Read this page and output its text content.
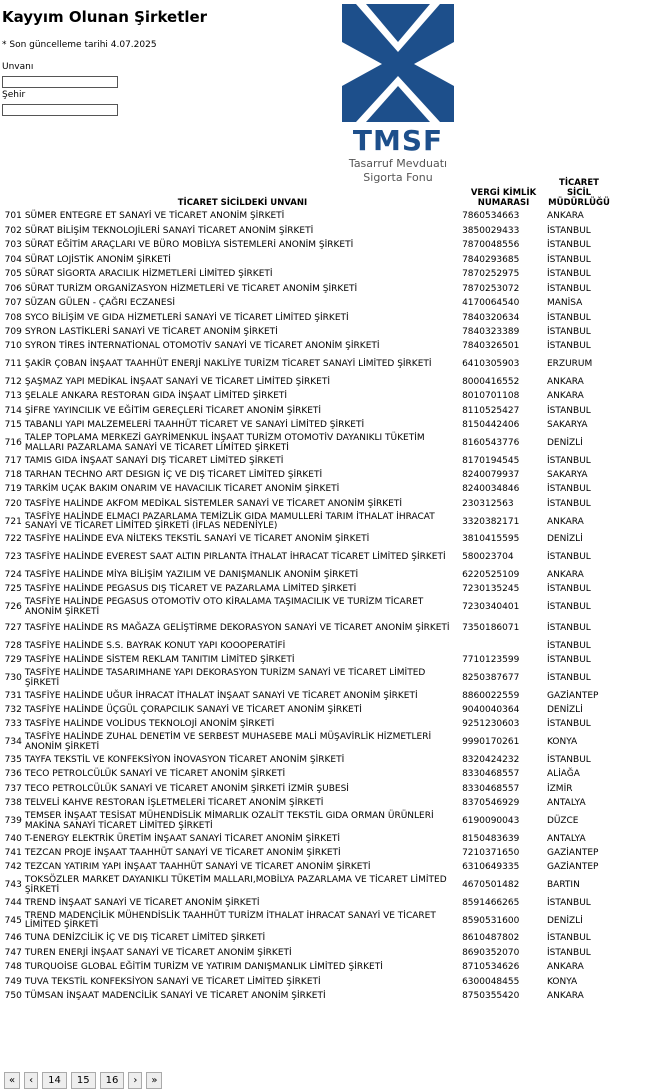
Kayyım Olunan Şirketler
* Son güncelleme tarihi 4.07.2025
Unvanı
Şehir
TMSF
Tasarruf Mevduatı
Sigorta Fonu
	TİCARET SİCİLDEKİ UNVANI	VERGİ KİMLİK NUMARASI	TİCARET SİCİL MÜDÜRLÜĞÜ
701	SÜMER ENTEGRE ET SANAYİ VE TİCARET ANONİM ŞİRKETİ	7860534663	ANKARA
702	SÜRAT BİLİŞİM TEKNOLOJİLERİ SANAYİ TİCARET ANONİM ŞİRKETİ	3850029433	İSTANBUL
703	SÜRAT EĞİTİM ARAÇLARI VE BÜRO MOBİLYA SİSTEMLERİ ANONİM ŞİRKETİ	7870048556	İSTANBUL
704	SÜRAT LOJİSTİK ANONİM ŞİRKETİ	7840293685	İSTANBUL
705	SÜRAT SİGORTA ARACILIK HİZMETLERİ LİMİTED ŞİRKETİ	7870252975	İSTANBUL
706	SÜRAT TURİZM ORGANİZASYON HİZMETLERİ VE TİCARET ANONİM ŞİRKETİ	7870253072	İSTANBUL
707	SÜZAN GÜLEN - ÇAĞRI ECZANESİ	4170064540	MANİSA
708	SYCO BİLİŞİM VE GIDA HİZMETLERİ SANAYİ VE TİCARET LİMİTED ŞİRKETİ	7840320634	İSTANBUL
709	SYRON LASTİKLERİ SANAYİ VE TİCARET ANONİM ŞİRKETİ	7840323389	İSTANBUL
710	SYRON TİRES İNTERNATİONAL OTOMOTİV SANAYİ VE TİCARET ANONİM ŞİRKETİ	7840326501	İSTANBUL
711	ŞAKİR ÇOBAN İNŞAAT TAAHHÜT ENERJİ NAKLİYE TURİZM TİCARET SANAYİ LİMİTED ŞİRKETİ	6410305903	ERZURUM
712	ŞAŞMAZ YAPI MEDİKAL İNŞAAT SANAYİ VE TİCARET LİMİTED ŞİRKETİ	8000416552	ANKARA
713	ŞELALE ANKARA RESTORAN GIDA İNŞAAT LİMİTED ŞİRKETİ	8010701108	ANKARA
714	ŞİFRE YAYINCILIK VE EĞİTİM GEREÇLERİ TİCARET ANONİM ŞİRKETİ	8110525427	İSTANBUL
715	TABANLI YAPI MALZEMELERİ TAAHHÜT TİCARET VE SANAYİ LİMİTED ŞİRKETİ	8150442406	SAKARYA
716	TALEP TOPLAMA MERKEZİ GAYRİMENKUL İNŞAAT TURİZM OTOMOTİV DAYANIKLI TÜKETİM MALLARI PAZARLAMA SANAYİ VE TİCARET LİMİTED ŞİRKETİ	8160543776	DENİZLİ
717	TAMIS GIDA İNŞAAT SANAYİ DIŞ TİCARET LİMİTED ŞİRKETİ	8170194545	İSTANBUL
718	TARHAN TECHNO ART DESIGN İÇ VE DIŞ TİCARET LİMİTED ŞİRKETİ	8240079937	SAKARYA
719	TARKİM UÇAK BAKIM ONARIM VE HAVACILIK TİCARET ANONİM ŞİRKETİ	8240034846	İSTANBUL
720	TASFİYE HALİNDE AKFOM MEDİKAL SİSTEMLER SANAYİ VE TİCARET ANONİM ŞİRKETİ	230312563	İSTANBUL
721	TASFİYE HALİNDE ELMACI PAZARLAMA TEMİZLİK GIDA MAMULLERİ TARIM İTHALAT İHRACAT SANAYİ VE TİCARET LİMİTED ŞİRKETİ (İFLAS NEDENİYLE)	3320382171	ANKARA
722	TASFİYE HALİNDE EVA NİLTEKS TEKSTİL SANAYİ VE TİCARET ANONİM ŞİRKETİ	3810415595	DENİZLİ
723	TASFİYE HALİNDE EVEREST SAAT ALTIN PIRLANTA İTHALAT İHRACAT TİCARET LİMİTED ŞİRKETİ	580023704	İSTANBUL
724	TASFİYE HALİNDE MİYA BİLİŞİM YAZILIM VE DANIŞMANLIK ANONİM ŞİRKETİ	6220525109	ANKARA
725	TASFİYE HALİNDE PEGASUS DIŞ TİCARET VE PAZARLAMA LİMİTED ŞİRKETİ	7230135245	İSTANBUL
726	TASFİYE HALİNDE PEGASUS OTOMOTİV OTO KİRALAMA TAŞIMACILIK VE TURİZM TİCARET ANONİM ŞİRKETİ	7230340401	İSTANBUL
727	TASFİYE HALİNDE RS MAĞAZA GELİŞTİRME DEKORASYON SANAYİ VE TİCARET ANONİM ŞİRKETİ	7350186071	İSTANBUL
728	TASFİYE HALİNDE S.S. BAYRAK KONUT YAPI KOOOPERATİFİ		İSTANBUL
729	TASFİYE HALİNDE SİSTEM REKLAM TANITIM LİMİTED ŞİRKETİ	7710123599	İSTANBUL
730	TASFİYE HALİNDE TASARIMHANE YAPI DEKORASYON TURİZM SANAYİ VE TİCARET LİMİTED ŞİRKETİ	8250387677	İSTANBUL
731	TASFİYE HALİNDE UĞUR İHRACAT İTHALAT İNŞAAT SANAYİ VE TİCARET ANONİM ŞİRKETİ	8860022559	GAZİANTEP
732	TASFİYE HALİNDE ÜÇGÜL ÇORAPCILIK SANAYİ VE TİCARET ANONİM ŞİRKETİ	9040040364	DENİZLİ
733	TASFİYE HALİNDE VOLİDUS TEKNOLOJİ ANONİM ŞİRKETİ	9251230603	İSTANBUL
734	TASFİYE HALİNDE ZUHAL DENETİM VE SERBEST MUHASEBE MALİ MÜŞAVİRLİK HİZMETLERİ ANONİM ŞİRKETİ	9990170261	KONYA
735	TAYFA TEKSTİL VE KONFEKSİYON İNOVASYON TİCARET ANONİM ŞİRKETİ	8320424232	İSTANBUL
736	TECO PETROLCÜLÜK SANAYİ VE TİCARET ANONİM ŞİRKETİ	8330468557	ALİAĞA
737	TECO PETROLCÜLÜK SANAYİ VE TİCARET ANONİM ŞİRKETİ İZMİR ŞUBESİ	8330468557	İZMİR
738	TELVELİ KAHVE RESTORAN İŞLETMELERİ TİCARET ANONİM ŞİRKETİ	8370546929	ANTALYA
739	TEMSER İNŞAAT TESİSAT MÜHENDİSLİK MİMARLIK OZALİT TEKSTİL GIDA ORMAN ÜRÜNLERİ MAKİNA SANAYİ TİCARET LİMİTED ŞİRKETİ	6190090043	DÜZCE
740	T-ENERGY ELEKTRİK ÜRETİM İNŞAAT SANAYİ TİCARET ANONİM ŞİRKETİ	8150483639	ANTALYA
741	TEZCAN PROJE İNŞAAT TAAHHÜT SANAYİ VE TİCARET ANONİM ŞİRKETİ	7210371650	GAZİANTEP
742	TEZCAN YATIRIM YAPI İNŞAAT TAAHHÜT SANAYİ VE TİCARET ANONİM ŞİRKETİ	6310649335	GAZİANTEP
743	TOKSÖZLER MARKET DAYANIKLI TÜKETİM MALLARI,MOBİLYA PAZARLAMA VE TİCARET LİMİTED ŞİRKETİ	4670501482	BARTIN
744	TREND İNŞAAT SANAYİ VE TİCARET ANONİM ŞİRKETİ	8591466265	İSTANBUL
745	TREND MADENCİLİK MÜHENDİSLİK TAAHHÜT TURİZM İTHALAT İHRACAT SANAYİ VE TİCARET LİMİTED ŞİRKETİ	8590531600	DENİZLİ
746	TUNA DENİZCİLİK İÇ VE DIŞ TİCARET LİMİTED ŞİRKETİ	8610487802	İSTANBUL
747	TUREN ENERJİ İNŞAAT SANAYİ VE TİCARET ANONİM ŞİRKETİ	8690352070	İSTANBUL
748	TURQUOİSE GLOBAL EĞİTİM TURİZM VE YATIRIM DANIŞMANLIK LİMİTED ŞİRKETİ	8710534626	ANKARA
749	TUVA TEKSTİL KONFEKSİYON SANAYİ VE TİCARET LİMİTED ŞİRKETİ	6300048455	KONYA
750	TÜMSAN İNŞAAT MADENCİLİK SANAYİ VE TİCARET ANONİM ŞİRKETİ	8750355420	ANKARA
«	‹	14	15	16	›	»
